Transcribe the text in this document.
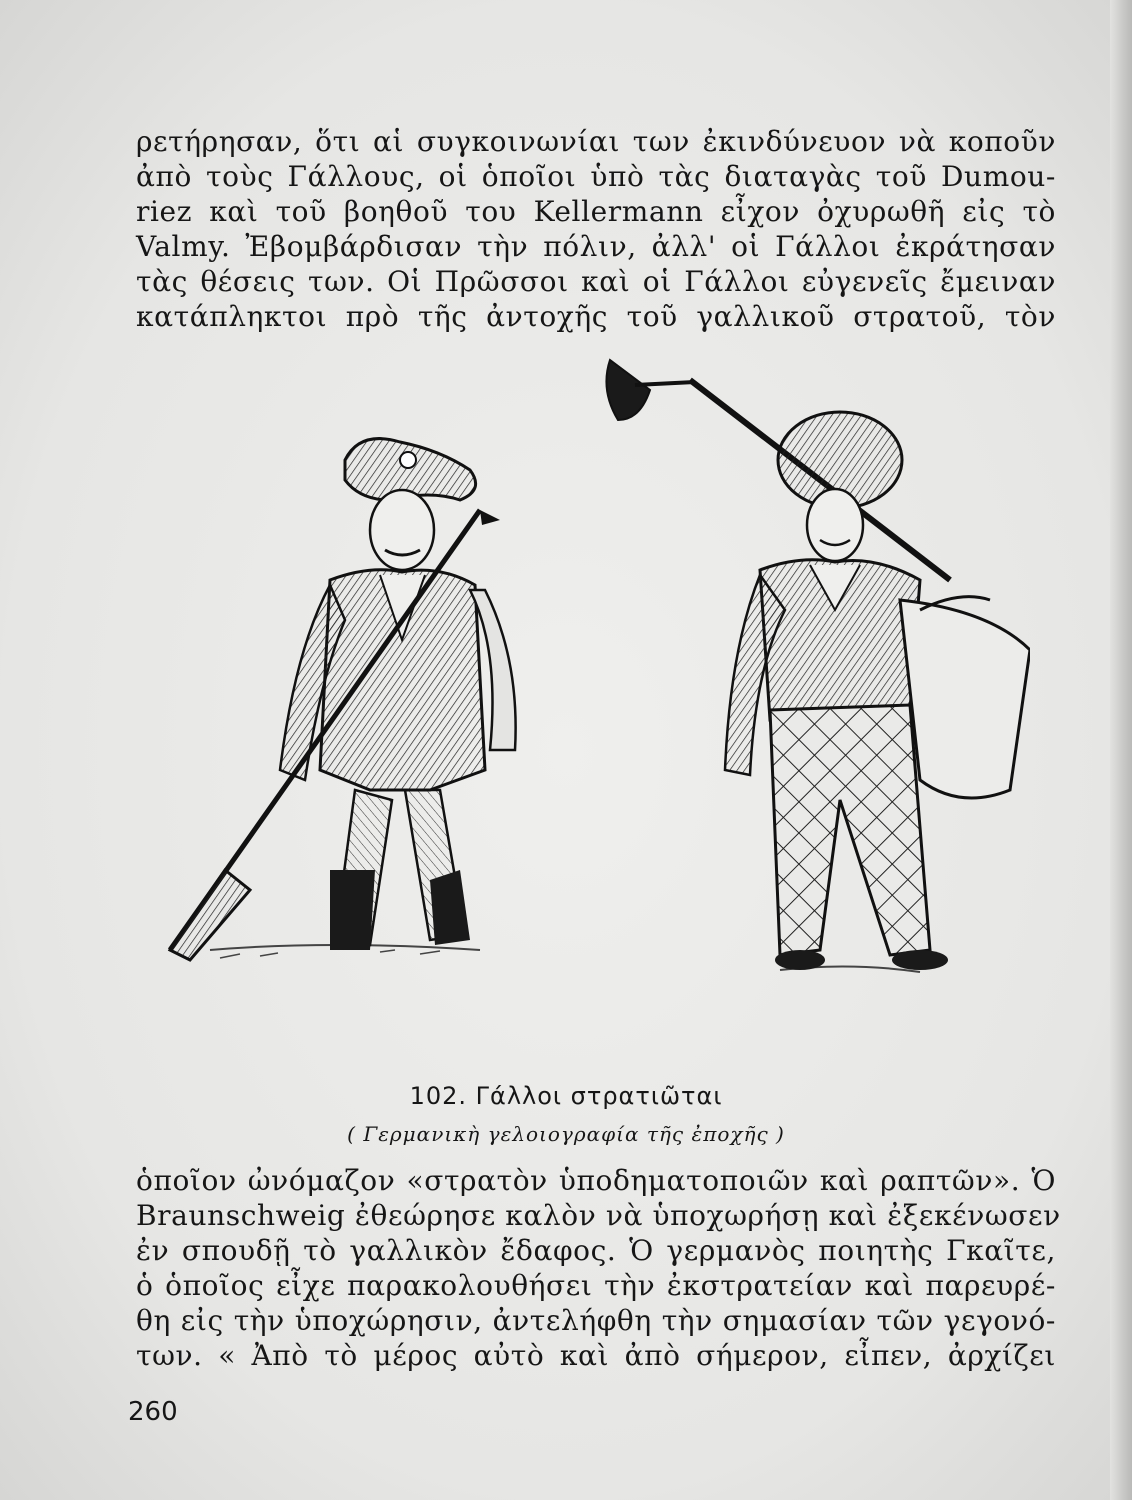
ρετήρησαν, ὅτι αἱ συγκοινωνίαι των ἐκινδύνευον νὰ κοποῦν
ἀπὸ τοὺς Γάλλους, οἱ ὁποῖοι ὑπὸ τὰς διαταγὰς τοῦ Dumou-
riez καὶ τοῦ βοηθοῦ του Kellermann εἶχον ὀχυρωθῆ εἰς τὸ
Valmy. Ἐβομβάρδισαν τὴν πόλιν, ἀλλ' οἱ Γάλλοι ἐκράτησαν
τὰς θέσεις των. Οἱ Πρῶσσοι καὶ οἱ Γάλλοι εὐγενεῖς ἔμειναν
κατάπληκτοι πρὸ τῆς ἀντοχῆς τοῦ γαλλικοῦ στρατοῦ, τὸν
102. Γάλλοι στρατιῶται
( Γερμανικὴ γελοιογραφία τῆς ἐποχῆς )
ὁποῖον ὠνόμαζον «στρατὸν ὑποδηματοποιῶν καὶ ραπτῶν». Ὁ
Braunschweig ἐθεώρησε καλὸν νὰ ὑποχωρήσῃ καὶ ἐξεκένωσεν
ἐν σπουδῇ τὸ γαλλικὸν ἔδαφος. Ὁ γερμανὸς ποιητὴς Γκαῖτε,
ὁ ὁποῖος εἶχε παρακολουθήσει τὴν ἐκστρατείαν καὶ παρευρέ-
θη εἰς τὴν ὑποχώρησιν, ἀντελήφθη τὴν σημασίαν τῶν γεγονό-
των. « Ἀπὸ τὸ μέρος αὐτὸ καὶ ἀπὸ σήμερον, εἶπεν, ἀρχίζει
260
